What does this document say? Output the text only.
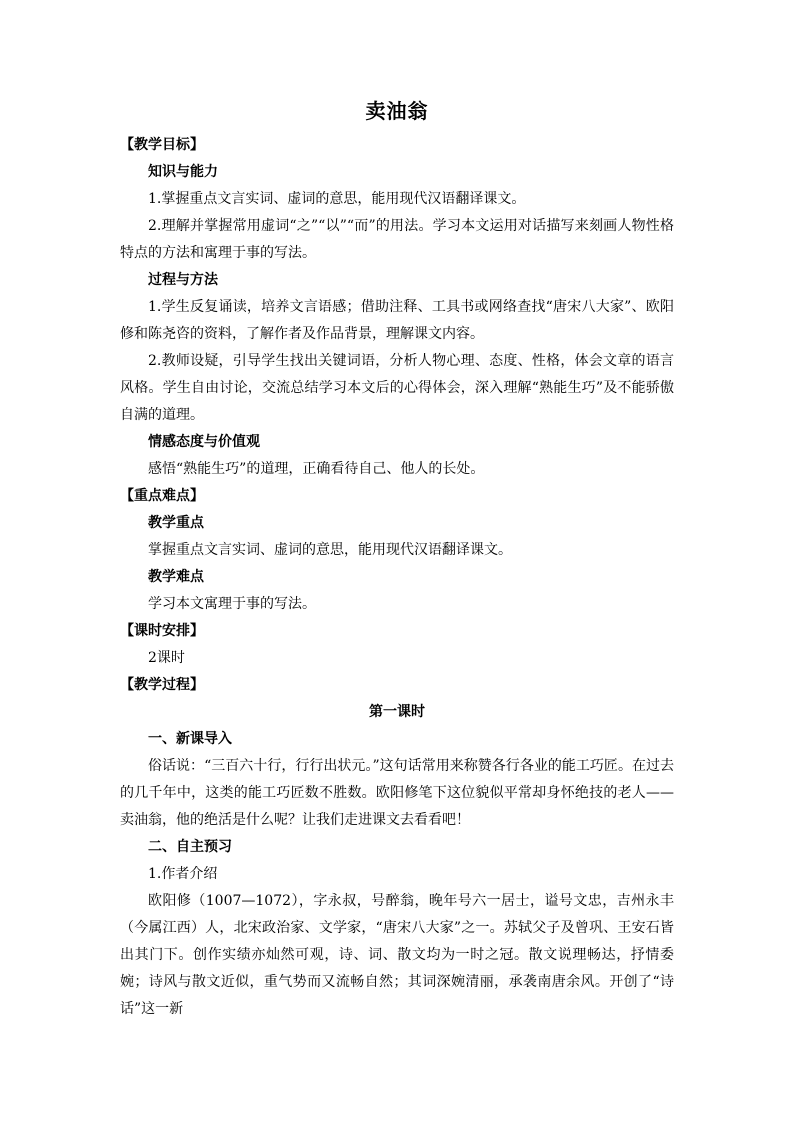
卖油翁

【教学目标】

知识与能力

1.掌握重点文言实词、虚词的意思，能用现代汉语翻译课文。

2.理解并掌握常用虚词“之”“以”“而”的用法。学习本文运用对话描写来刻画人物性格特点的方法和寓理于事的写法。

过程与方法

1.学生反复诵读，培养文言语感；借助注释、工具书或网络查找“唐宋八大家”、欧阳修和陈尧咨的资料，了解作者及作品背景，理解课文内容。

2.教师设疑，引导学生找出关键词语，分析人物心理、态度、性格，体会文章的语言风格。学生自由讨论，交流总结学习本文后的心得体会，深入理解“熟能生巧”及不能骄傲自满的道理。

情感态度与价值观

感悟“熟能生巧”的道理，正确看待自己、他人的长处。

【重点难点】

教学重点

掌握重点文言实词、虚词的意思，能用现代汉语翻译课文。

教学难点

学习本文寓理于事的写法。

【课时安排】

2课时

【教学过程】

第一课时

一、新课导入

俗话说：“三百六十行，行行出状元。”这句话常用来称赞各行各业的能工巧匠。在过去的几千年中，这类的能工巧匠数不胜数。欧阳修笔下这位貌似平常却身怀绝技的老人——卖油翁，他的绝活是什么呢？让我们走进课文去看看吧！

二、自主预习

1.作者介绍

欧阳修（1007—1072），字永叔，号醉翁，晚年号六一居士，谥号文忠，吉州永丰（今属江西）人，北宋政治家、文学家，“唐宋八大家”之一。苏轼父子及曾巩、王安石皆出其门下。创作实绩亦灿然可观，诗、词、散文均为一时之冠。散文说理畅达，抒情委婉；诗风与散文近似，重气势而又流畅自然；其词深婉清丽，承袭南唐余风。开创了“诗话”这一新
